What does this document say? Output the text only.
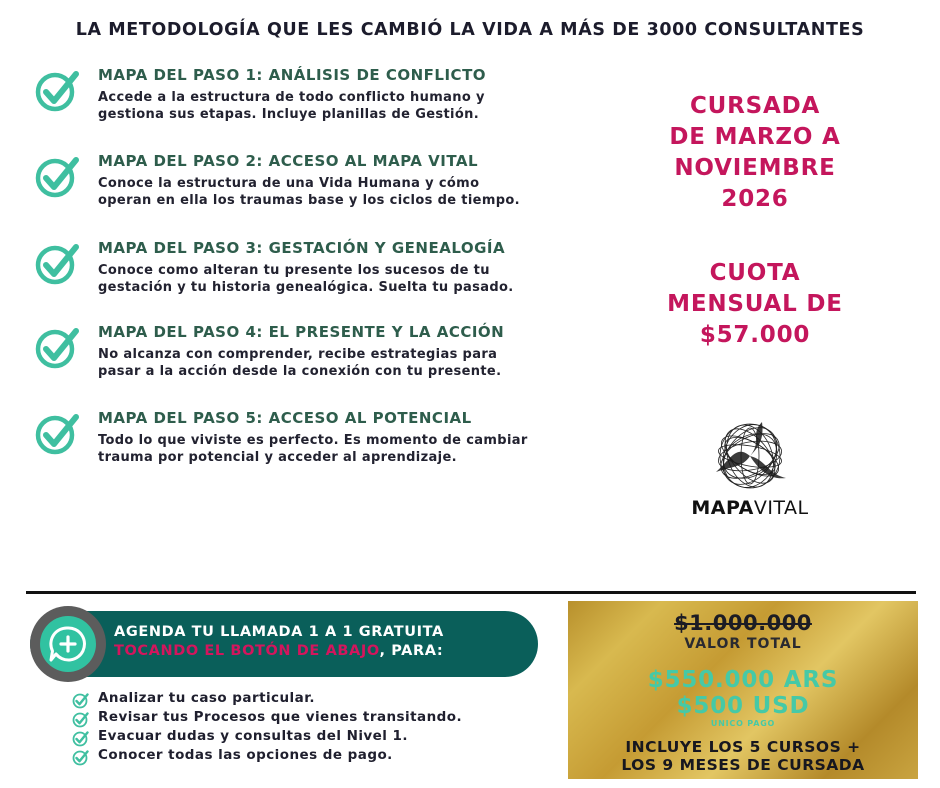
LA METODOLOGÍA QUE LES CAMBIÓ LA VIDA A MÁS DE 3000 CONSULTANTES
MAPA DEL PASO 1: ANÁLISIS DE CONFLICTO
Accede a la estructura de todo conflicto humano y
gestiona sus etapas. Incluye planillas de Gestión.
MAPA DEL PASO 2: ACCESO AL MAPA VITAL
Conoce la estructura de una Vida Humana y cómo
operan en ella los traumas base y los ciclos de tiempo.
MAPA DEL PASO 3: GESTACIÓN Y GENEALOGÍA
Conoce como alteran tu presente los sucesos de tu
gestación y tu historia genealógica. Suelta tu pasado.
MAPA DEL PASO 4: EL PRESENTE Y LA ACCIÓN
No alcanza con comprender, recibe estrategias para
pasar a la acción desde la conexión con tu presente.
MAPA DEL PASO 5: ACCESO AL POTENCIAL
Todo lo que viviste es perfecto. Es momento de cambiar
trauma por potencial y acceder al aprendizaje.
CURSADA
DE MARZO A
NOVIEMBRE
2026
CUOTA
MENSUAL DE
$57.000
MAPAVITAL
AGENDA TU LLAMADA 1 A 1 GRATUITA
TOCANDO EL BOTÓN DE ABAJO, PARA:
Analizar tu caso particular.
Revisar tus Procesos que vienes transitando.
Evacuar dudas y consultas del Nivel 1.
Conocer todas las opciones de pago.
$1.000.000
VALOR TOTAL
$550.000 ARS
$500 USD
UNICO PAGO
INCLUYE LOS 5 CURSOS +
LOS 9 MESES DE CURSADA
